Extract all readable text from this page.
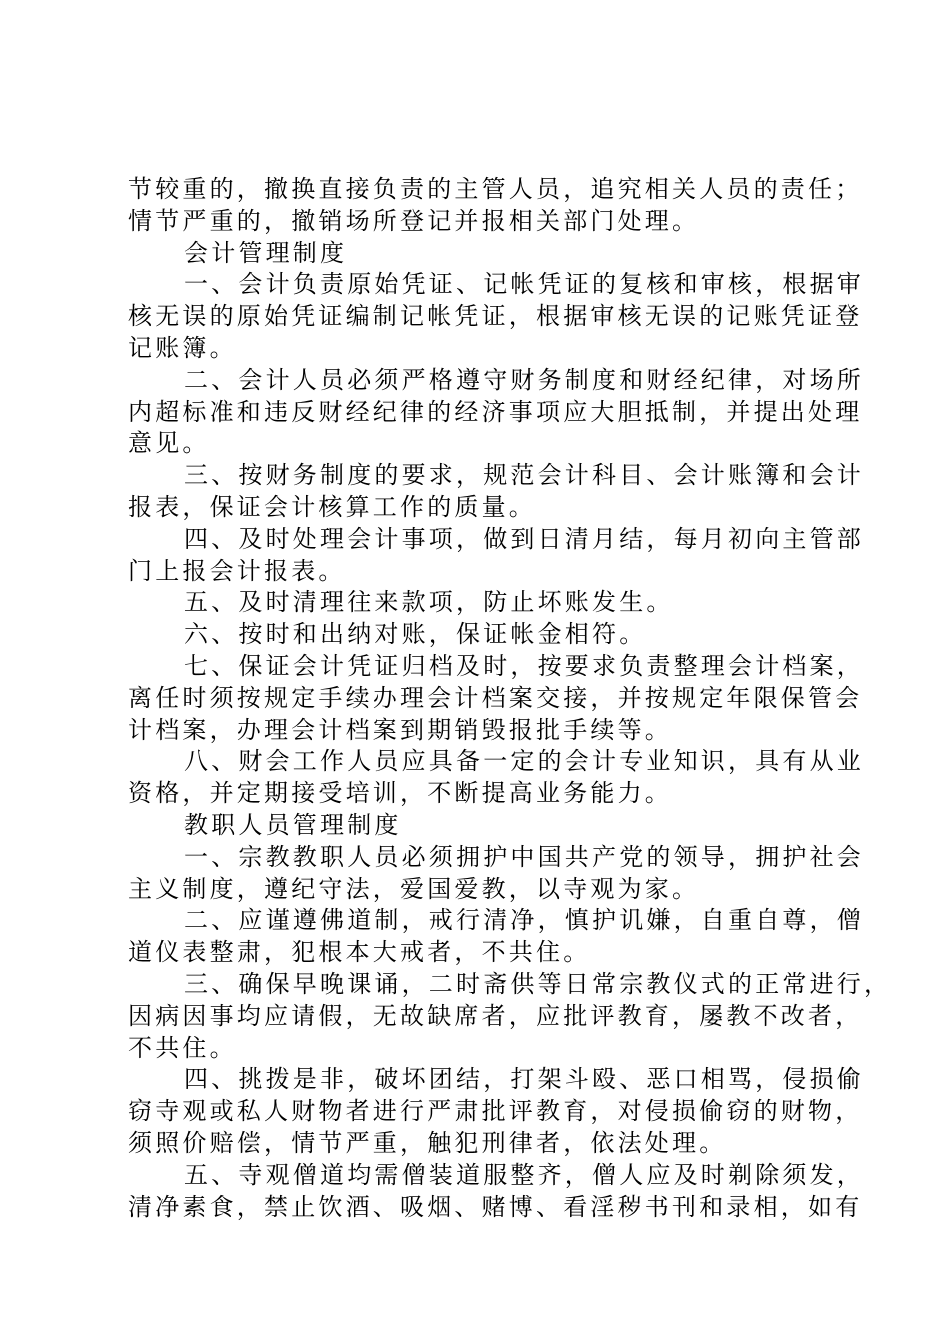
节较重的，撤换直接负责的主管人员，追究相关人员的责任；
情节严重的，撤销场所登记并报相关部门处理。
会计管理制度
一、会计负责原始凭证、记帐凭证的复核和审核，根据审
核无误的原始凭证编制记帐凭证，根据审核无误的记账凭证登
记账簿。
二、会计人员必须严格遵守财务制度和财经纪律，对场所
内超标准和违反财经纪律的经济事项应大胆抵制，并提出处理
意见。
三、按财务制度的要求，规范会计科目、会计账簿和会计
报表，保证会计核算工作的质量。
四、及时处理会计事项，做到日清月结，每月初向主管部
门上报会计报表。
五、及时清理往来款项，防止坏账发生。
六、按时和出纳对账，保证帐金相符。
七、保证会计凭证归档及时，按要求负责整理会计档案，
离任时须按规定手续办理会计档案交接，并按规定年限保管会
计档案，办理会计档案到期销毁报批手续等。
八、财会工作人员应具备一定的会计专业知识，具有从业
资格，并定期接受培训，不断提高业务能力。
教职人员管理制度
一、宗教教职人员必须拥护中国共产党的领导，拥护社会
主义制度，遵纪守法，爱国爱教，以寺观为家。
二、应谨遵佛道制，戒行清净，慎护讥嫌，自重自尊，僧
道仪表整肃，犯根本大戒者，不共住。
三、确保早晚课诵，二时斋供等日常宗教仪式的正常进行，
因病因事均应请假，无故缺席者，应批评教育，屡教不改者，
不共住。
四、挑拨是非，破坏团结，打架斗殴、恶口相骂，侵损偷
窃寺观或私人财物者进行严肃批评教育，对侵损偷窃的财物，
须照价赔偿，情节严重，触犯刑律者，依法处理。
五、寺观僧道均需僧装道服整齐，僧人应及时剃除须发，
清净素食，禁止饮酒、吸烟、赌博、看淫秽书刊和录相，如有
